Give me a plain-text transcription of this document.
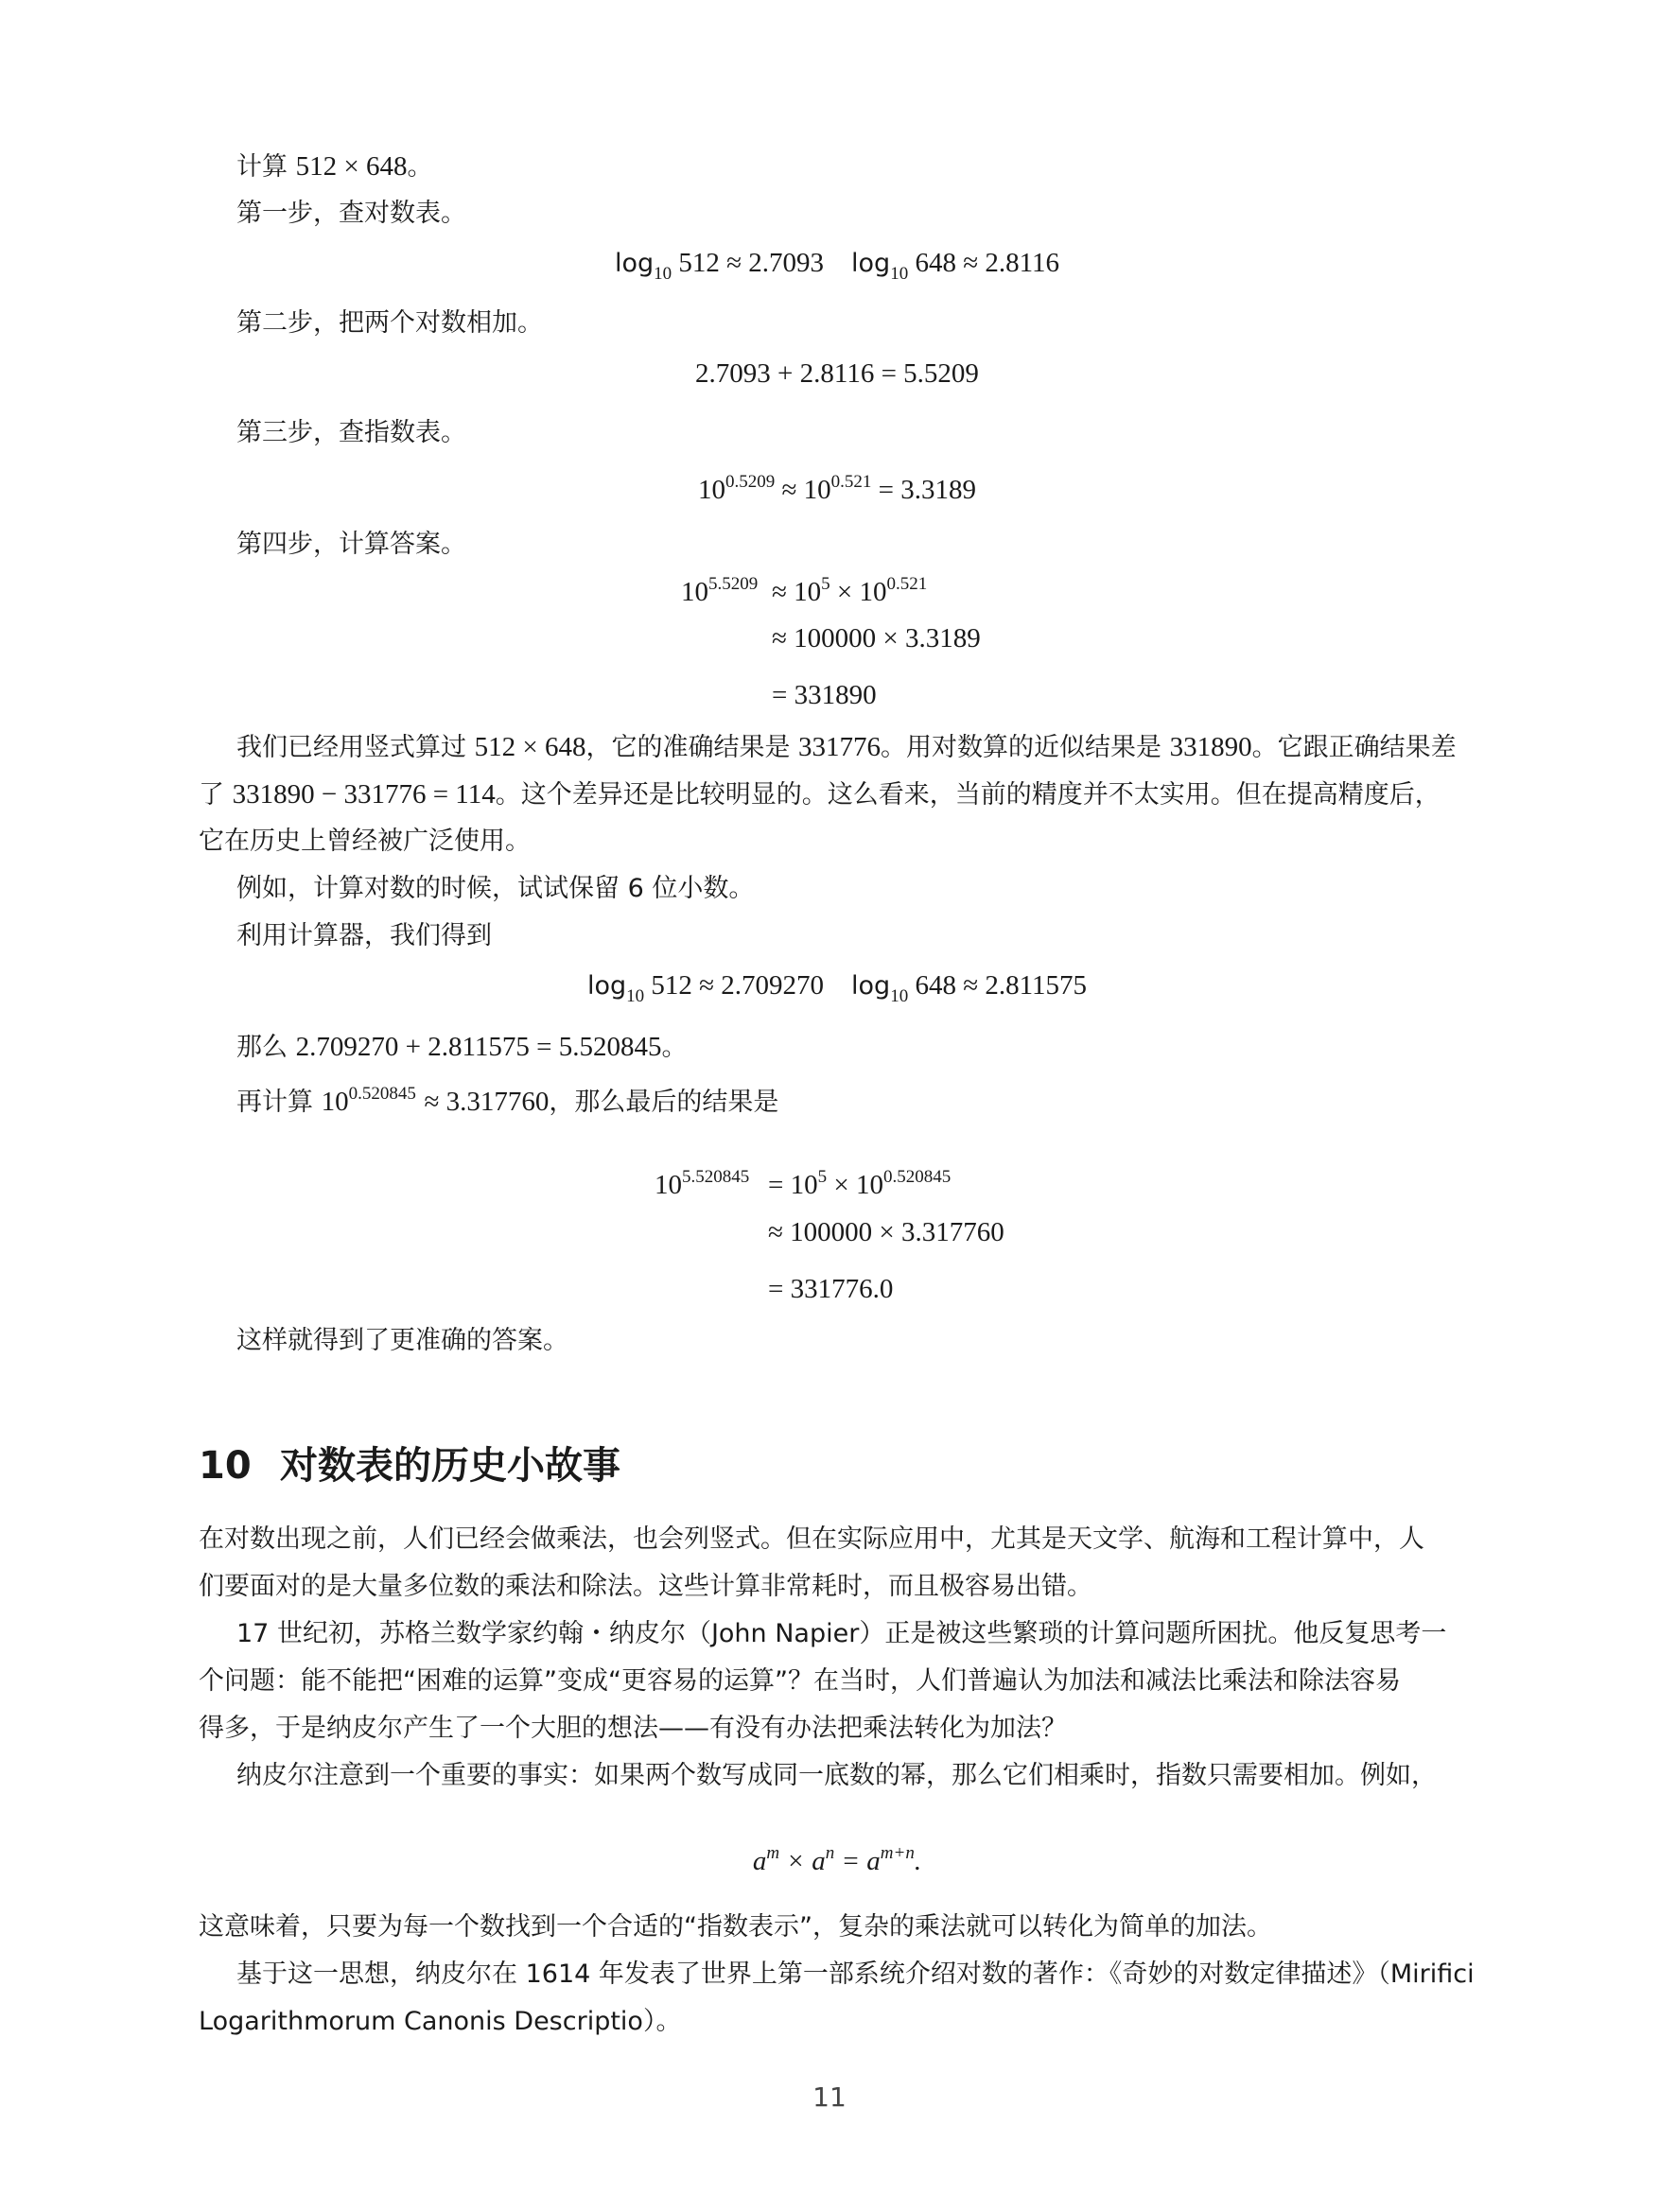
计算 512 × 648。
第一步，查对数表。
$\log_{10} 512 \approx 2.7093$ $\log_{10} 648 \approx 2.8116$
第二步，把两个对数相加。
2.7093 + 2.8116 = 5.5209
第三步，查指数表。
$10^{0.5209} \approx 10^{0.521} = 3.3189$
第四步，计算答案。
$10^{5.5209} \approx 10^5 \times 10^{0.521}$
≈ 100000 × 3.3189
= 331890
我们已经用竖式算过 512 × 648，它的准确结果是 331776。用对数算的近似结果是 331890。它跟正确结果差
了 331890 − 331776 = 114。这个差异还是比较明显的。这么看来，当前的精度并不太实用。但在提高精度后，
它在历史上曾经被广泛使用。
例如，计算对数的时候，试试保留 6 位小数。
利用计算器，我们得到
$\log_{10} 512 \approx 2.709270$ $\log_{10} 648 \approx 2.811575$
那么 2.709270 + 2.811575 = 5.520845。
再计算 $10^{0.520845} \approx 3.317760$，那么最后的结果是
$10^{5.520845} = 10^5 \times 10^{0.520845}$
≈ 100000 × 3.317760
= 331776.0
这样就得到了更准确的答案。
10 对数表的历史小故事
在对数出现之前，人们已经会做乘法，也会列竖式。但在实际应用中，尤其是天文学、航海和工程计算中，人
们要面对的是大量多位数的乘法和除法。这些计算非常耗时，而且极容易出错。
17 世纪初，苏格兰数学家约翰・纳皮尔（John Napier）正是被这些繁琐的计算问题所困扰。他反复思考一
个问题：能不能把“困难的运算”变成“更容易的运算”？在当时，人们普遍认为加法和减法比乘法和除法容易
得多，于是纳皮尔产生了一个大胆的想法——有没有办法把乘法转化为加法？
纳皮尔注意到一个重要的事实：如果两个数写成同一底数的幂，那么它们相乘时，指数只需要相加。例如，
$a^m \times a^n = a^{m+n}$.
这意味着，只要为每一个数找到一个合适的“指数表示”，复杂的乘法就可以转化为简单的加法。
基于这一思想，纳皮尔在 1614 年发表了世界上第一部系统介绍对数的著作：《奇妙的对数定律描述》（Mirifici
Logarithmorum Canonis Descriptio）。
11
